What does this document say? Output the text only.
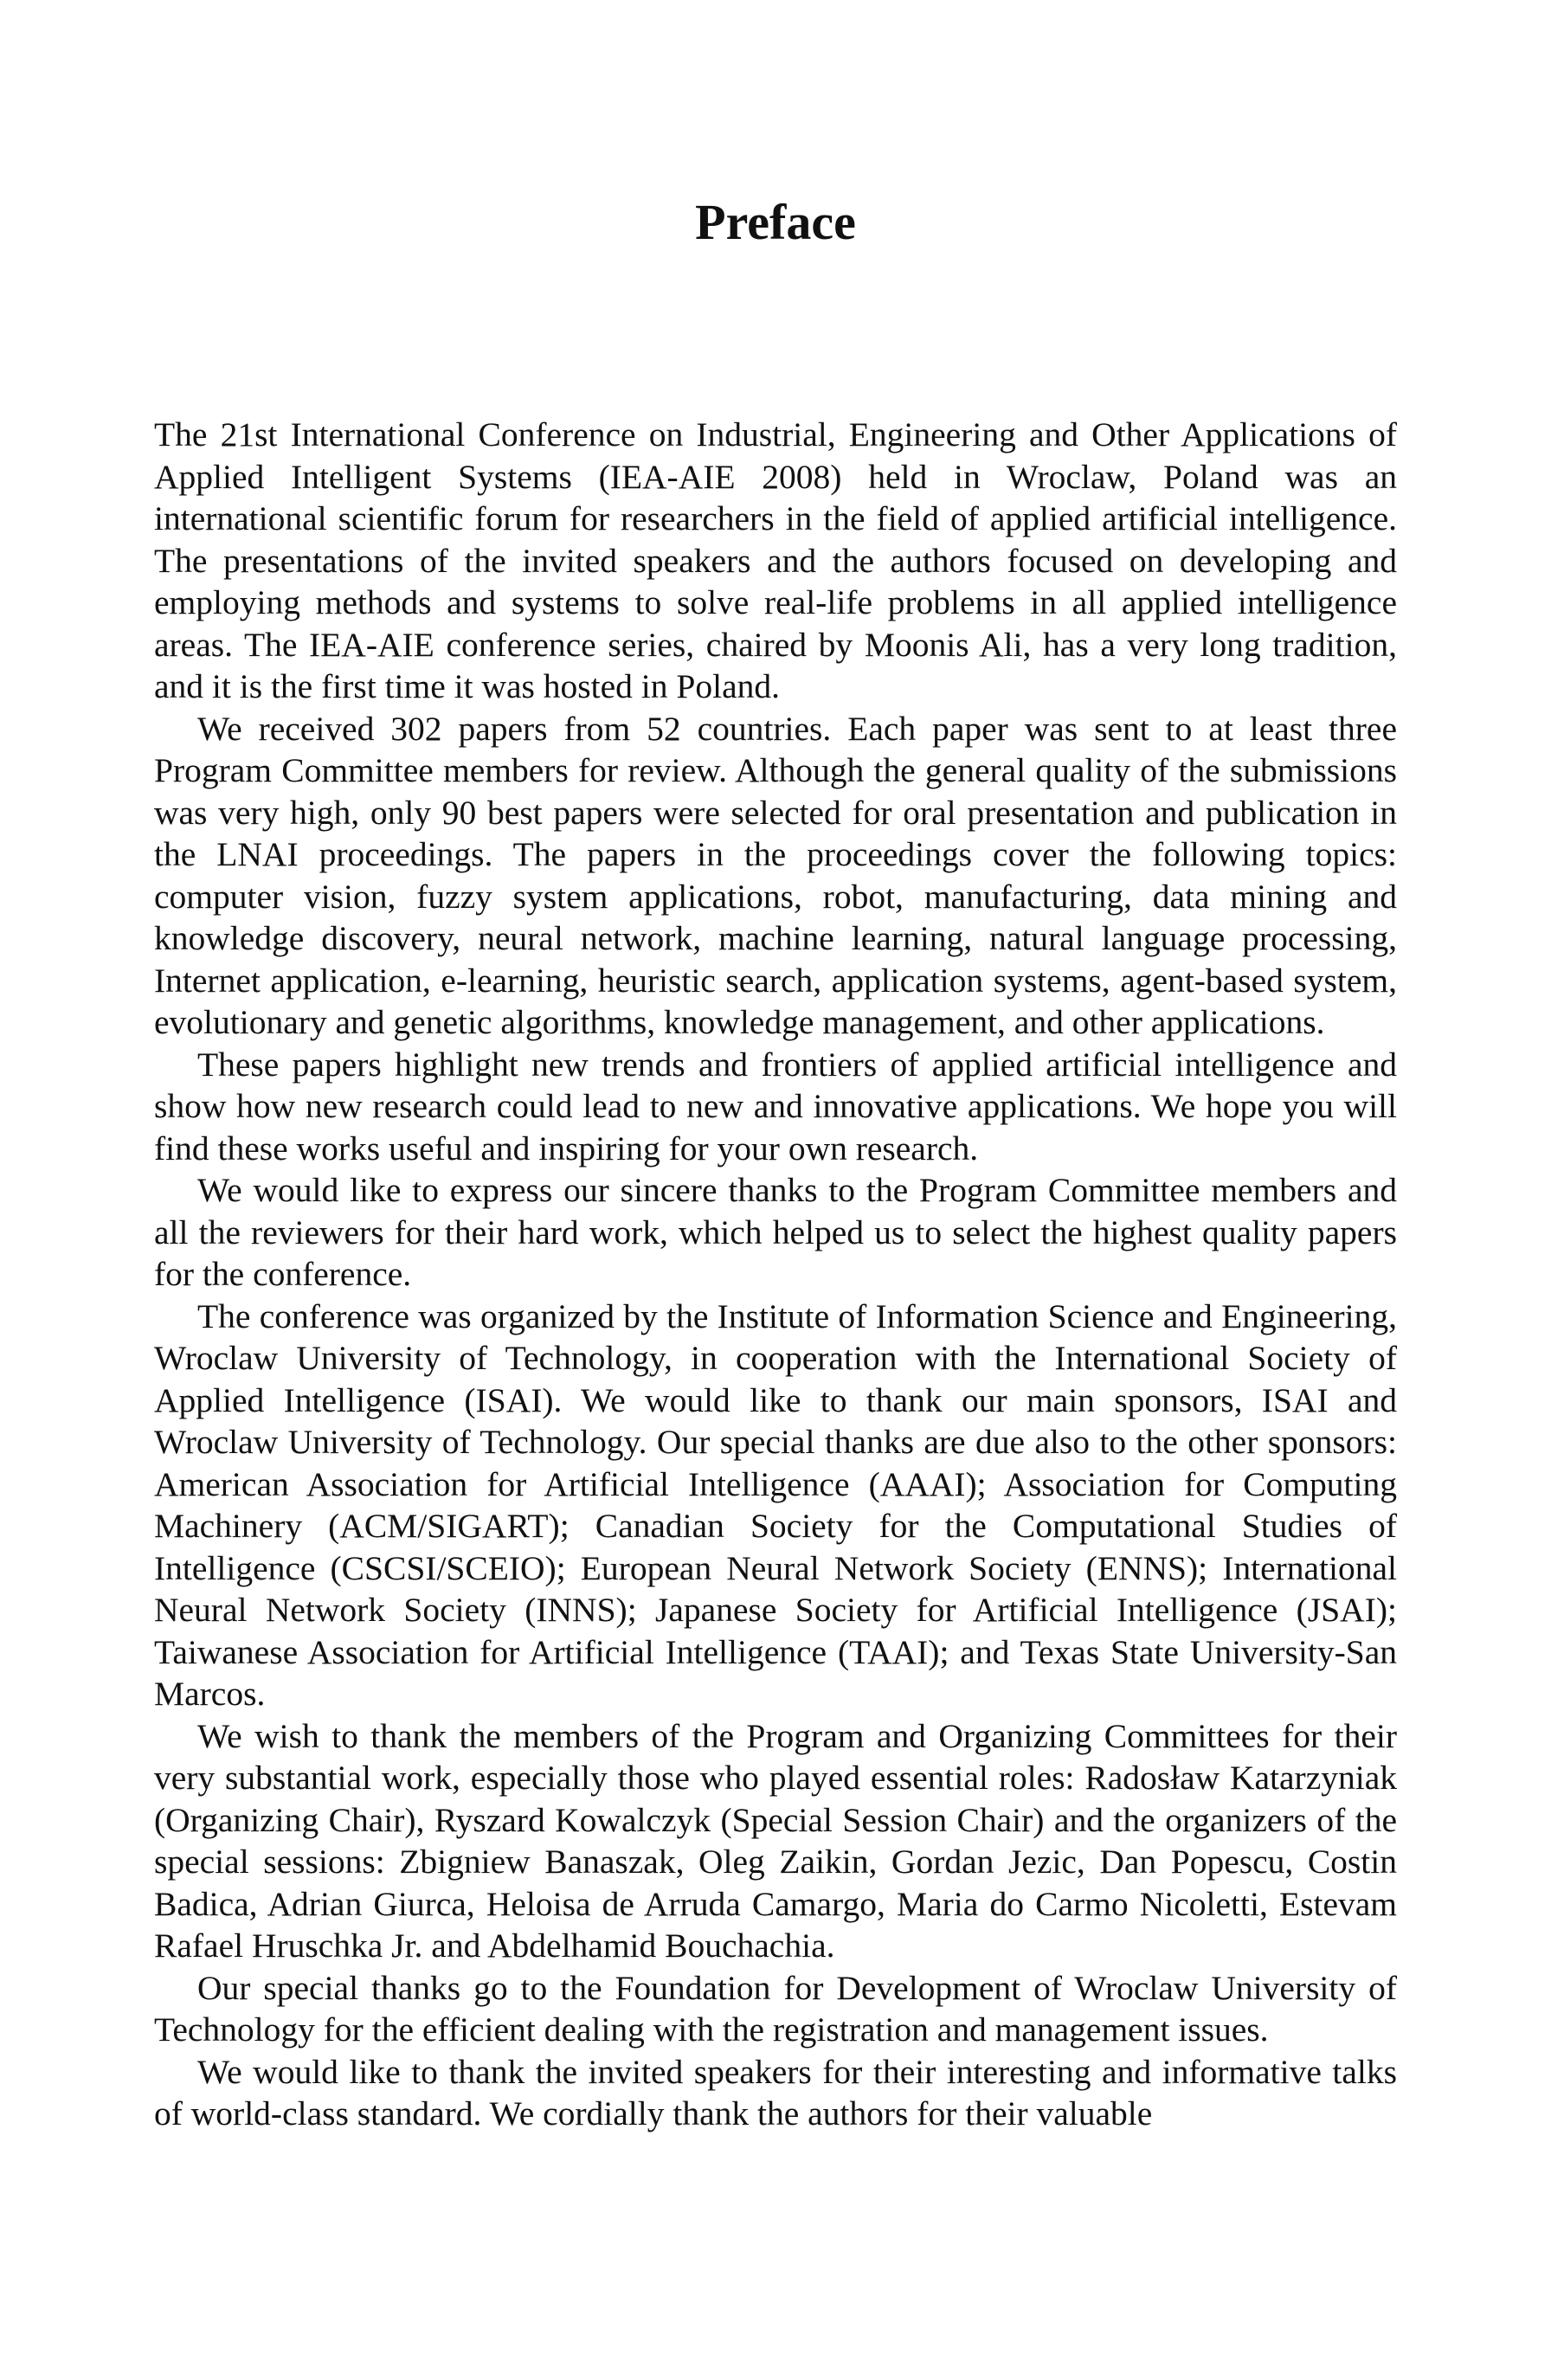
Preface

The 21st International Conference on Industrial, Engineering and Other Applications of Applied Intelligent Systems (IEA-AIE 2008) held in Wroclaw, Poland was an international scientific forum for researchers in the field of applied artificial intelligence. The presentations of the invited speakers and the authors focused on developing and employing methods and systems to solve real-life problems in all applied intelligence areas. The IEA-AIE conference series, chaired by Moonis Ali, has a very long tradition, and it is the first time it was hosted in Poland.

We received 302 papers from 52 countries. Each paper was sent to at least three Program Committee members for review. Although the general quality of the submissions was very high, only 90 best papers were selected for oral presentation and publication in the LNAI proceedings. The papers in the proceedings cover the following topics: computer vision, fuzzy system applications, robot, manufacturing, data mining and knowledge discovery, neural network, machine learning, natural language processing, Internet application, e-learning, heuristic search, application systems, agent-based system, evolutionary and genetic algorithms, knowledge management, and other applications.

These papers highlight new trends and frontiers of applied artificial intelligence and show how new research could lead to new and innovative applications. We hope you will find these works useful and inspiring for your own research.

We would like to express our sincere thanks to the Program Committee members and all the reviewers for their hard work, which helped us to select the highest quality papers for the conference.

The conference was organized by the Institute of Information Science and Engineering, Wroclaw University of Technology, in cooperation with the International Society of Applied Intelligence (ISAI). We would like to thank our main sponsors, ISAI and Wroclaw University of Technology. Our special thanks are due also to the other sponsors: American Association for Artificial Intelligence (AAAI); Association for Computing Machinery (ACM/SIGART); Canadian Society for the Computational Studies of Intelligence (CSCSI/SCEIO); European Neural Network Society (ENNS); International Neural Network Society (INNS); Japanese Society for Artificial Intelligence (JSAI); Taiwanese Association for Artificial Intelligence (TAAI); and Texas State University-San Marcos.

We wish to thank the members of the Program and Organizing Committees for their very substantial work, especially those who played essential roles: Radosław Katarzyniak (Organizing Chair), Ryszard Kowalczyk (Special Session Chair) and the organizers of the special sessions: Zbigniew Banaszak, Oleg Zaikin, Gordan Jezic, Dan Popescu, Costin Badica, Adrian Giurca, Heloisa de Arruda Camargo, Maria do Carmo Nicoletti, Estevam Rafael Hruschka Jr. and Abdelhamid Bouchachia.

Our special thanks go to the Foundation for Development of Wroclaw University of Technology for the efficient dealing with the registration and management issues.

We would like to thank the invited speakers for their interesting and informative talks of world-class standard. We cordially thank the authors for their valuable
